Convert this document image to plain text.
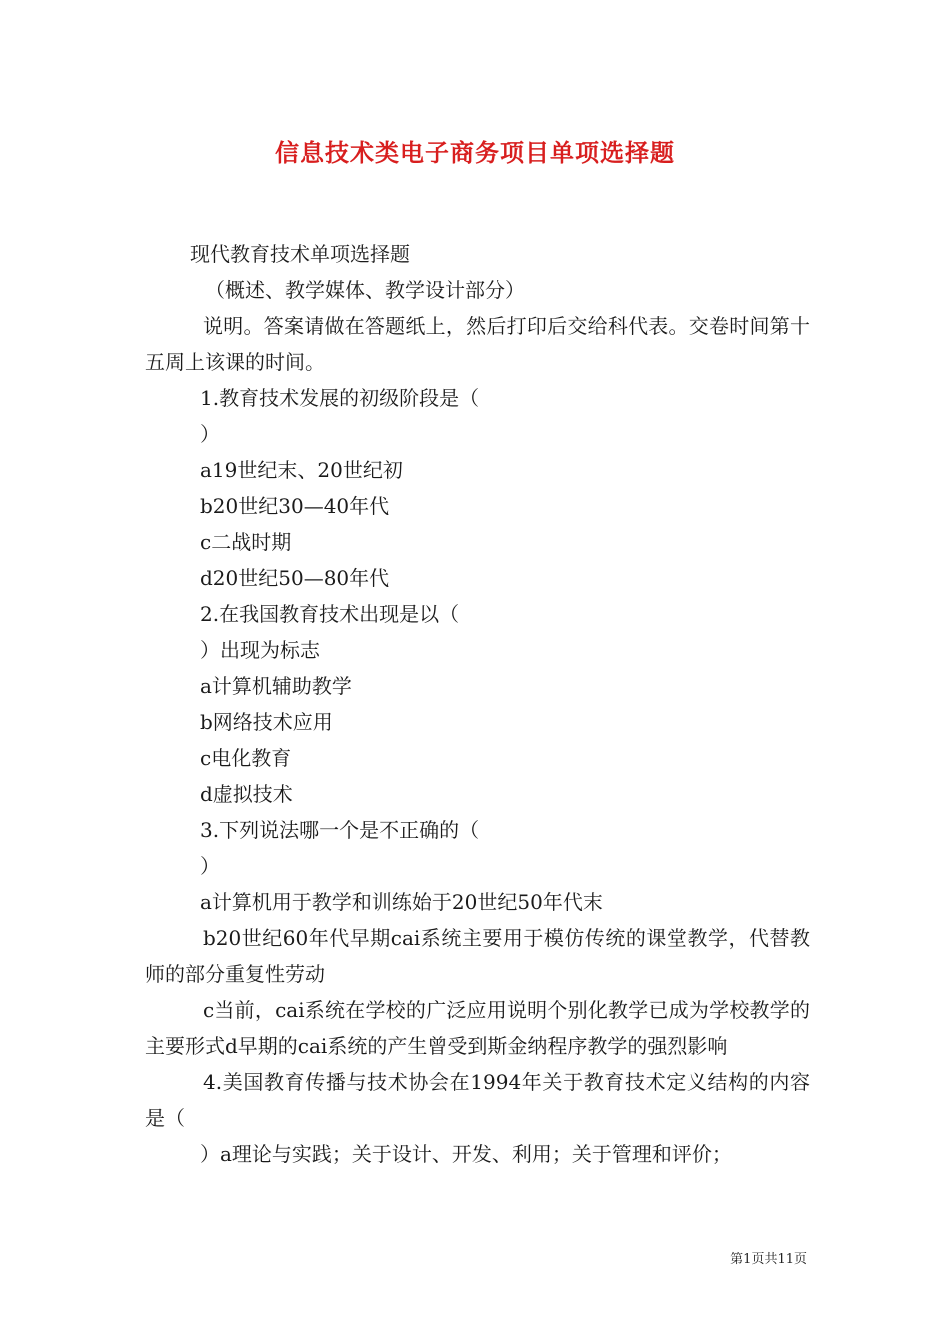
信息技术类电子商务项目单项选择题
现代教育技术单项选择题
（概述、教学媒体、教学设计部分）
说明。答案请做在答题纸上，然后打印后交给科代表。交卷时间第十五周上该课的时间。
1.教育技术发展的初级阶段是（
）
a19世纪末、20世纪初
b20世纪30—40年代
c二战时期
d20世纪50—80年代
2.在我国教育技术出现是以（
）出现为标志
a计算机辅助教学
b网络技术应用
c电化教育
d虚拟技术
3.下列说法哪一个是不正确的（
）
a计算机用于教学和训练始于20世纪50年代末
b20世纪60年代早期cai系统主要用于模仿传统的课堂教学，代替教师的部分重复性劳动
c当前，cai系统在学校的广泛应用说明个别化教学已成为学校教学的主要形式d早期的cai系统的产生曾受到斯金纳程序教学的强烈影响
4.美国教育传播与技术协会在1994年关于教育技术定义结构的内容是（
）a理论与实践；关于设计、开发、利用；关于管理和评价；
第1页共11页
